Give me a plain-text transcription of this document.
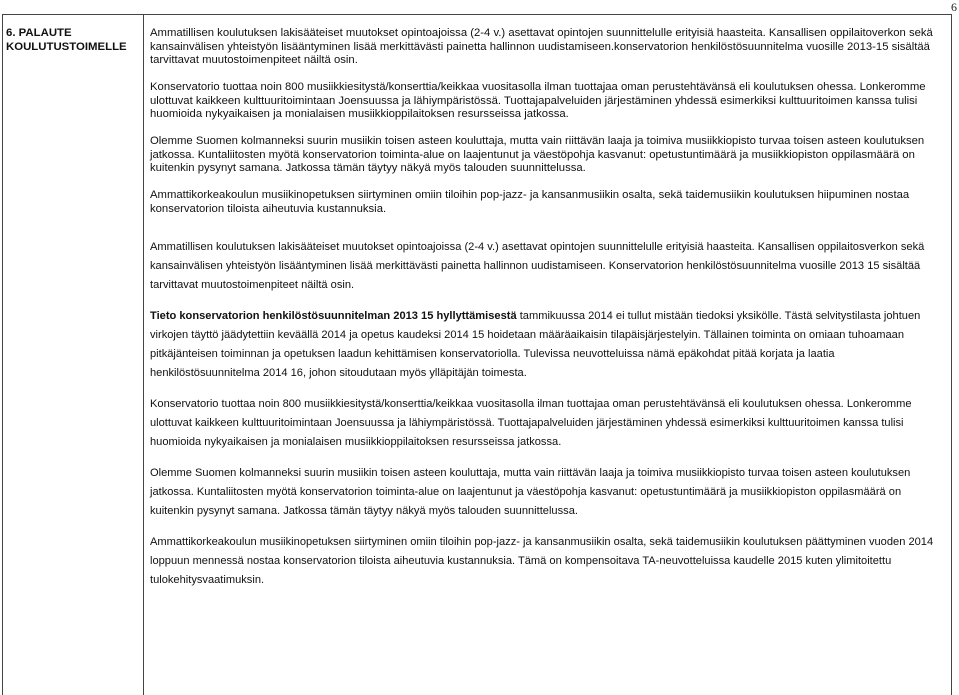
6
6. PALAUTE
KOULUTUSTOIMELLE

Ammatillisen koulutuksen lakisääteiset muutokset opintoajoissa (2-4 v.) asettavat opintojen suunnittelulle erityisiä haasteita. Kansallisen oppilaitoverkon sekä kansainvälisen yhteistyön lisääntyminen lisää merkittävästi painetta hallinnon uudistamiseen.konservatorion henkilöstösuunnitelma vuosille 2013-15 sisältää tarvittavat muutostoimenpiteet näiltä osin.

Konservatorio tuottaa noin 800 musiikkiesitystä/konserttia/keikkaa vuositasolla ilman tuottajaa oman perustehtävänsä eli koulutuksen ohessa. Lonkeromme ulottuvat kaikkeen kulttuuritoimintaan Joensuussa ja lähiympäristössä. Tuottajapalveluiden järjestäminen yhdessä esimerkiksi kulttuuritoimen kanssa tulisi huomioida nykyaikaisen ja monialaisen musiikkioppilaitoksen resursseissa jatkossa.

Olemme Suomen kolmanneksi suurin musiikin toisen asteen kouluttaja, mutta vain riittävän laaja ja toimiva musiikkiopisto turvaa toisen asteen koulutuksen jatkossa. Kuntaliitosten myötä konservatorion toiminta-alue on laajentunut ja väestöpohja kasvanut: opetustuntimäärä ja musiikkiopiston oppilasmäärä on kuitenkin pysynyt samana. Jatkossa tämän täytyy näkyä myös talouden suunnittelussa.

Ammattikorkeakoulun musiikinopetuksen siirtyminen omiin tiloihin pop-jazz- ja kansanmusiikin osalta, sekä taidemusiikin koulutuksen hiipuminen nostaa konservatorion tiloista aiheutuvia kustannuksia.

Ammatillisen koulutuksen lakisääteiset muutokset opintoajoissa (2-4 v.) asettavat opintojen suunnittelulle erityisiä haasteita. Kansallisen oppilaitosverkon sekä kansainvälisen yhteistyön lisääntyminen lisää merkittävästi painetta hallinnon uudistamiseen. Konservatorion henkilöstösuunnitelma vuosille 2013 15 sisältää tarvittavat muutostoimenpiteet näiltä osin.

Tieto konservatorion henkilöstösuunnitelman 2013 15 hyllyttämisestä tammikuussa 2014 ei tullut mistään tiedoksi yksikölle. Tästä selvitystilasta johtuen virkojen täyttö jäädytettiin keväällä 2014 ja opetus kaudeksi 2014 15 hoidetaan määräaikaisin tilapäisjärjestelyin. Tällainen toiminta on omiaan tuhoamaan pitkäjänteisen toiminnan ja opetuksen laadun kehittämisen konservatoriolla. Tulevissa neuvotteluissa nämä epäkohdat pitää korjata ja laatia henkilöstösuunnitelma 2014 16, johon sitoudutaan myös ylläpitäjän toimesta.

Konservatorio tuottaa noin 800 musiikkiesitystä/konserttia/keikkaa vuositasolla ilman tuottajaa oman perustehtävänsä eli koulutuksen ohessa. Lonkeromme ulottuvat kaikkeen kulttuuritoimintaan Joensuussa ja lähiympäristössä. Tuottajapalveluiden järjestäminen yhdessä esimerkiksi kulttuuritoimen kanssa tulisi huomioida nykyaikaisen ja monialaisen musiikkioppilaitoksen resursseissa jatkossa.

Olemme Suomen kolmanneksi suurin musiikin toisen asteen kouluttaja, mutta vain riittävän laaja ja toimiva musiikkiopisto turvaa toisen asteen koulutuksen jatkossa. Kuntaliitosten myötä konservatorion toiminta-alue on laajentunut ja väestöpohja kasvanut: opetustuntimäärä ja musiikkiopiston oppilasmäärä on kuitenkin pysynyt samana. Jatkossa tämän täytyy näkyä myös talouden suunnittelussa.

Ammattikorkeakoulun musiikinopetuksen siirtyminen omiin tiloihin pop-jazz- ja kansanmusiikin osalta, sekä taidemusiikin koulutuksen päättyminen vuoden 2014 loppuun mennessä nostaa konservatorion tiloista aiheutuvia kustannuksia. Tämä on kompensoitava TA-neuvotteluissa kaudelle 2015 kuten ylimitoitettu tulokehitysvaatimuksin.
